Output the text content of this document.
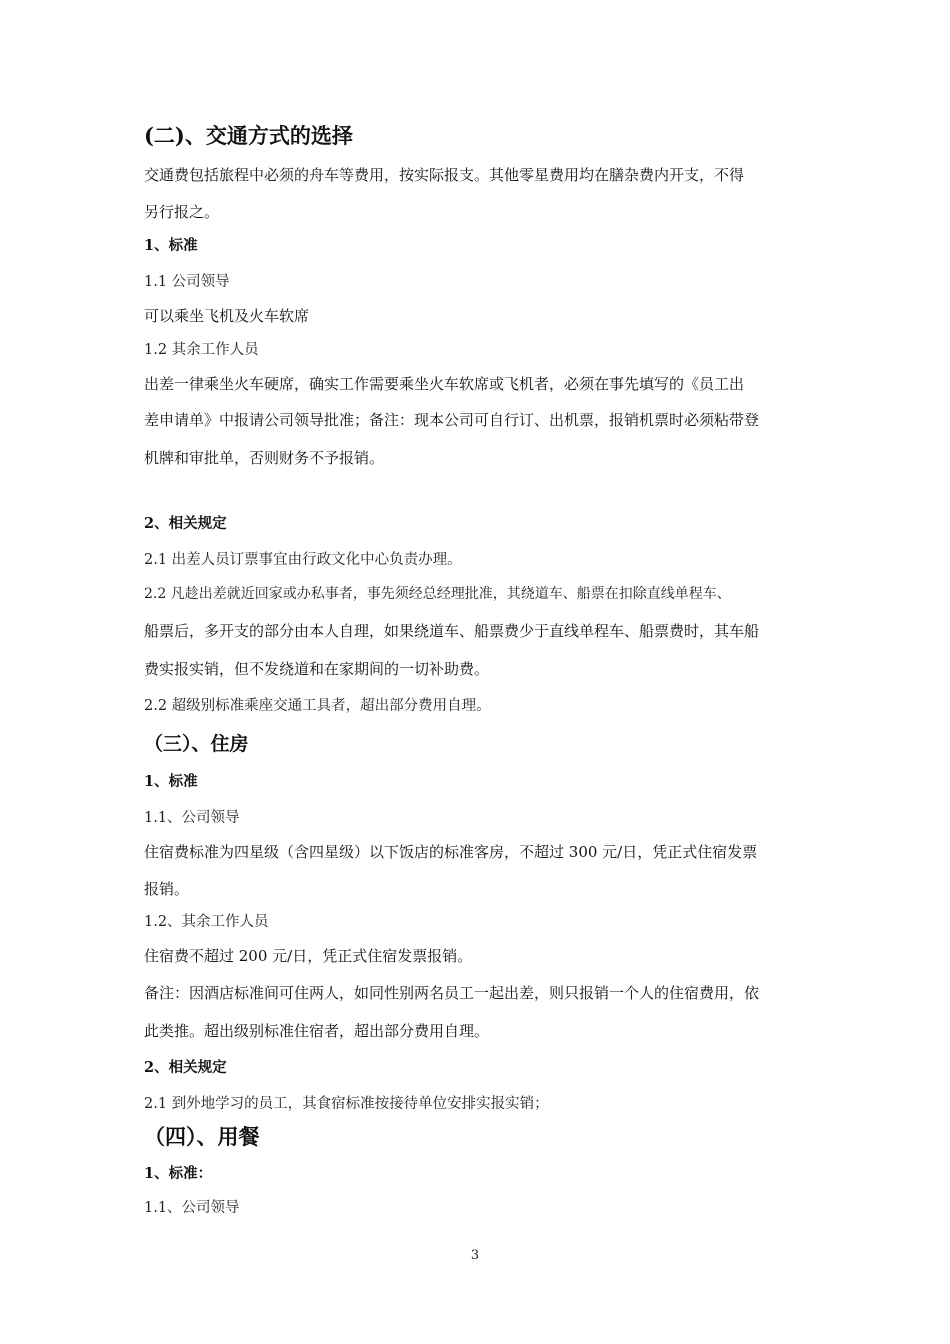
(二)、交通方式的选择
交通费包括旅程中必须的舟车等费用，按实际报支。其他零星费用均在膳杂费内开支，不得
另行报之。
1、标准
1.1 公司领导
可以乘坐飞机及火车软席
1.2 其余工作人员
出差一律乘坐火车硬席，确实工作需要乘坐火车软席或飞机者，必须在事先填写的《员工出
差申请单》中报请公司领导批准；备注：现本公司可自行订、出机票，报销机票时必须粘带登
机牌和审批单，否则财务不予报销。
2、相关规定
2.1 出差人员订票事宜由行政文化中心负责办理。
2.2 凡趁出差就近回家或办私事者，事先须经总经理批准，其绕道车、船票在扣除直线单程车、
船票后，多开支的部分由本人自理，如果绕道车、船票费少于直线单程车、船票费时，其车船
费实报实销，但不发绕道和在家期间的一切补助费。
2.2 超级别标准乘座交通工具者，超出部分费用自理。
（三）、住房
1、标准
1.1、公司领导
住宿费标准为四星级（含四星级）以下饭店的标准客房，不超过 300 元/日，凭正式住宿发票
报销。
1.2、其余工作人员
住宿费不超过 200 元/日，凭正式住宿发票报销。
备注：因酒店标准间可住两人，如同性别两名员工一起出差，则只报销一个人的住宿费用，依
此类推。超出级别标准住宿者，超出部分费用自理。
2、相关规定
2.1 到外地学习的员工，其食宿标准按接待单位安排实报实销；
（四）、用餐
1、标准：
1.1、公司领导
3
